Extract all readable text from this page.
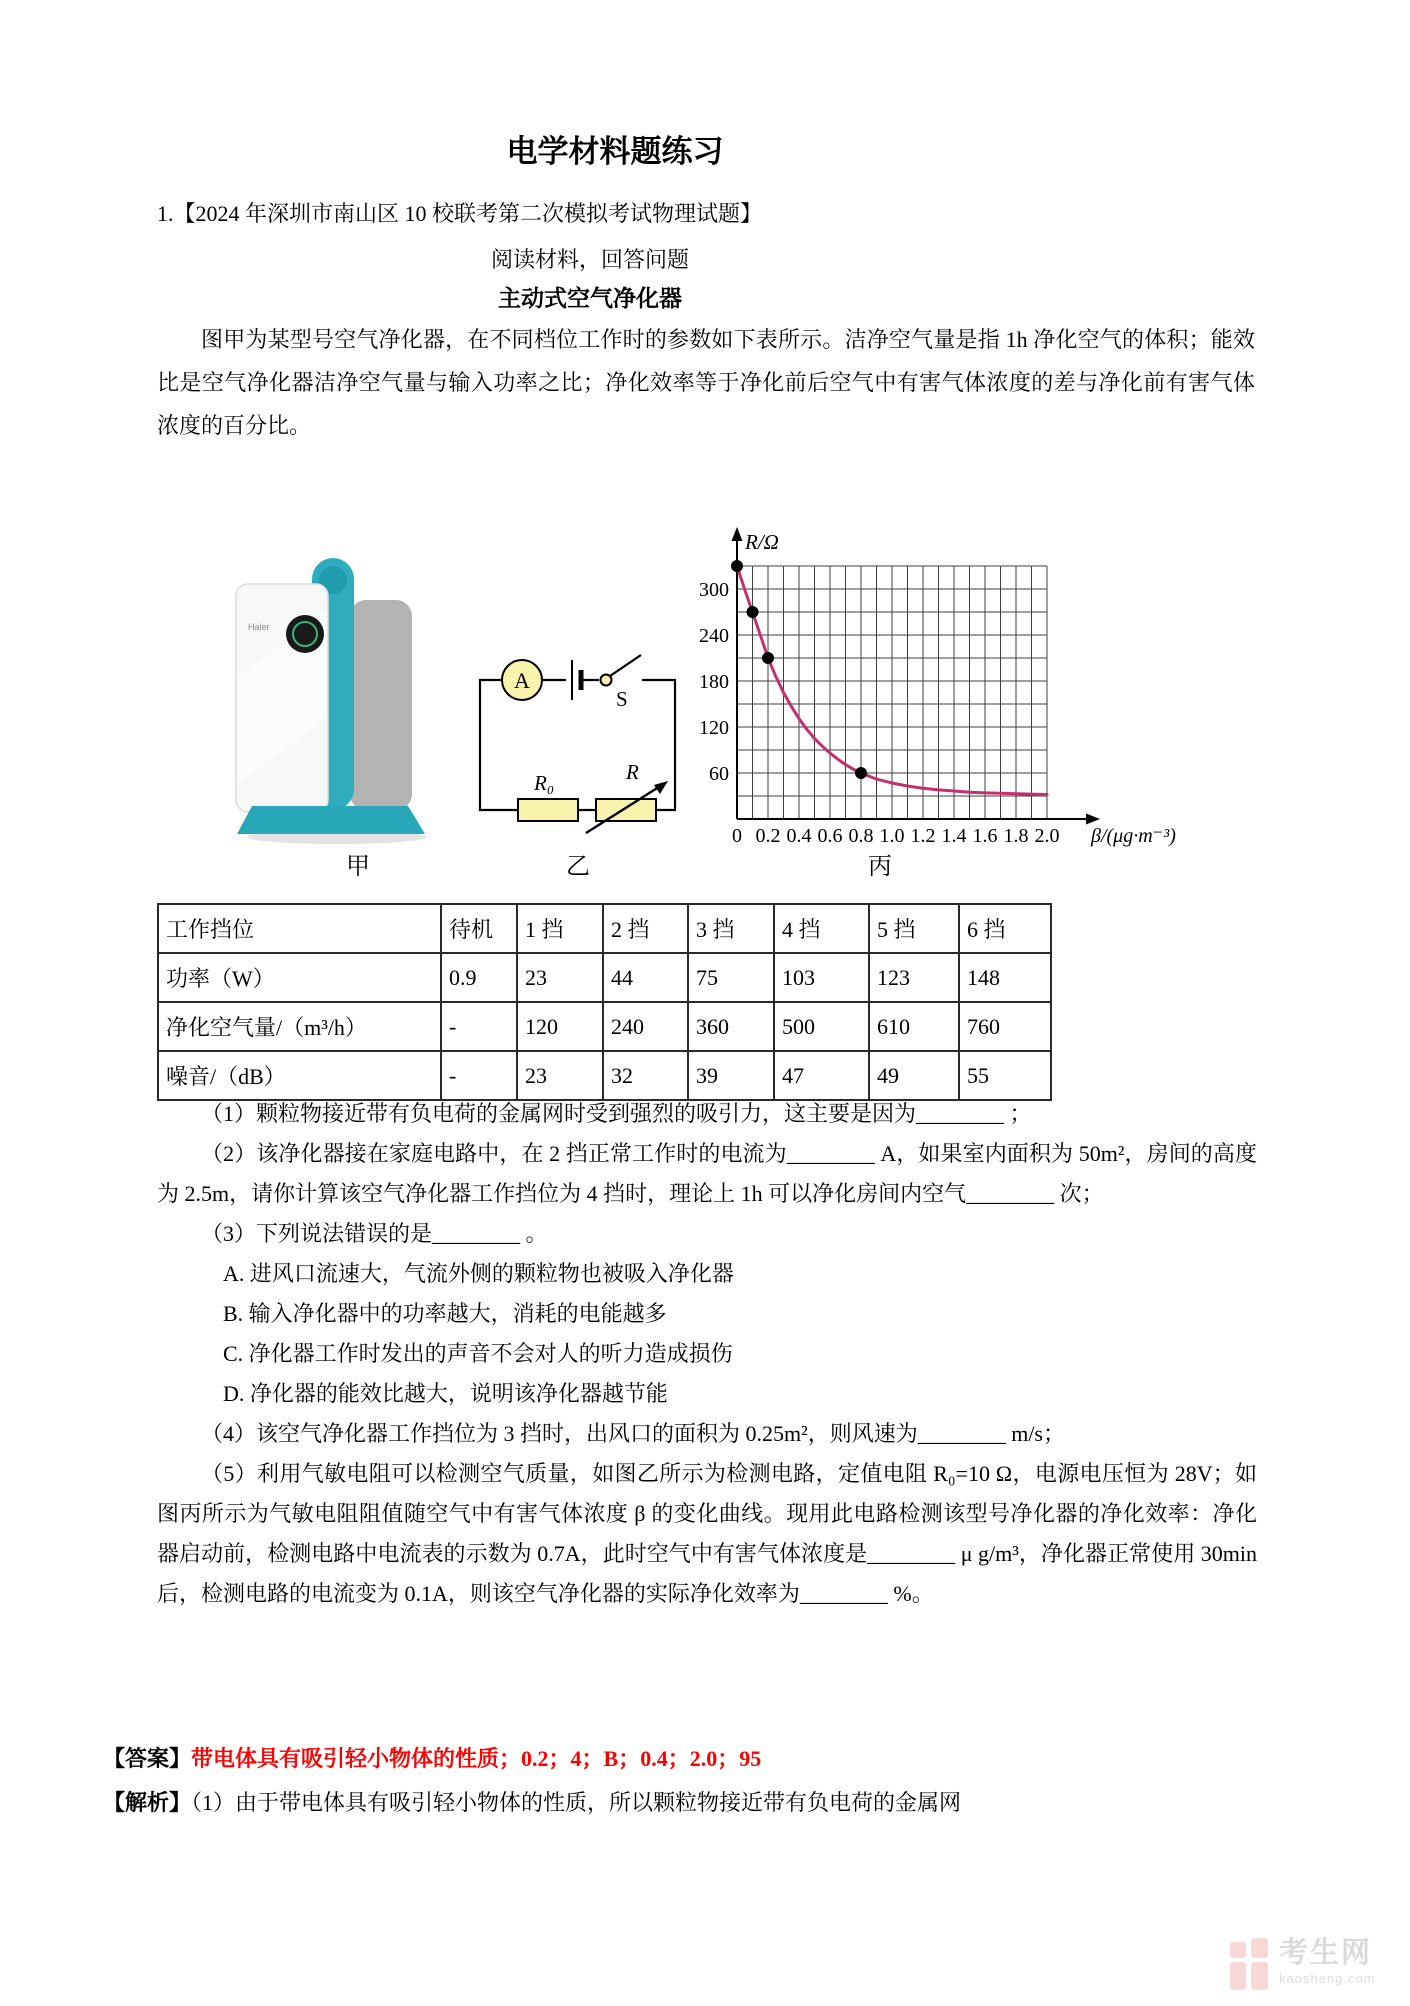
电学材料题练习
1.【2024 年深圳市南山区 10 校联考第二次模拟考试物理试题】
阅读材料，回答问题
主动式空气净化器

图甲为某型号空气净化器，在不同档位工作时的参数如下表所示。洁净空气量是指 1h 净化空气的体积；能效比是空气净化器洁净空气量与输入功率之比；净化效率等于净化前后空气中有害气体浓度的差与净化前有害气体浓度的百分比。

Haier
A
S
R₀	R
R/Ω
β/(μg·m⁻³)
60
120
180
240
300
0 0.2 0.4 0.6 0.8 1.0 1.2 1.4 1.6 1.8 2.0
甲	乙	丙
工作挡位	待机	1 挡	2 挡	3 挡	4 挡	5 挡	6 挡
功率（W）	0.9	23	44	75	103	123	148
净化空气量/（m³/h）	-	120	240	360	500	610	760
噪音/（dB）	-	23	32	39	47	49	55

（1）颗粒物接近带有负电荷的金属网时受到强烈的吸引力，这主要是因为________ ；

（2）该净化器接在家庭电路中，在 2 挡正常工作时的电流为________ A，如果室内面积为 50m²，房间的高度为 2.5m，请你计算该空气净化器工作挡位为 4 挡时，理论上 1h 可以净化房间内空气________ 次；

（3）下列说法错误的是________ 。

A. 进风口流速大，气流外侧的颗粒物也被吸入净化器

B. 输入净化器中的功率越大，消耗的电能越多

C. 净化器工作时发出的声音不会对人的听力造成损伤

D. 净化器的能效比越大，说明该净化器越节能

（4）该空气净化器工作挡位为 3 挡时，出风口的面积为 0.25m²，则风速为________ m/s；

（5）利用气敏电阻可以检测空气质量，如图乙所示为检测电路，定值电阻 R₀=10 Ω，电源电压恒为 28V；如图丙所示为气敏电阻阻值随空气中有害气体浓度 β 的变化曲线。现用此电路检测该型号净化器的净化效率：净化器启动前，检测电路中电流表的示数为 0.7A，此时空气中有害气体浓度是________ μ g/m³，净化器正常使用 30min 后，检测电路的电流变为 0.1A，则该空气净化器的实际净化效率为________ %。

【答案】带电体具有吸引轻小物体的性质；0.2；4；B；0.4；2.0；95

【解析】（1）由于带电体具有吸引轻小物体的性质，所以颗粒物接近带有负电荷的金属网

考生网
kaosheng.com
